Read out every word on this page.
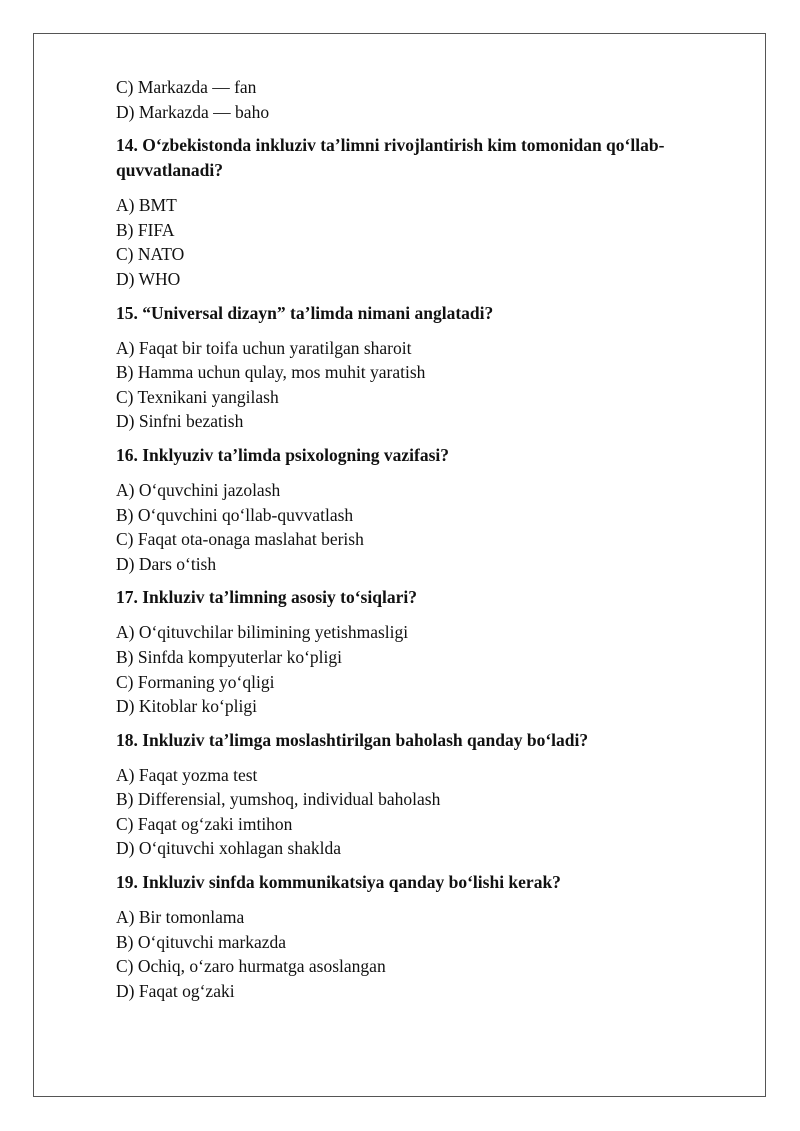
C) Markazda — fan

D) Markazda — baho

14. O‘zbekistonda inkluziv ta’limni rivojlantirish kim tomonidan qo‘llab-quvvatlanadi?

A) BMT

B) FIFA

C) NATO

D) WHO

15. “Universal dizayn” ta’limda nimani anglatadi?

A) Faqat bir toifa uchun yaratilgan sharoit

B) Hamma uchun qulay, mos muhit yaratish

C) Texnikani yangilash

D) Sinfni bezatish

16. Inklyuziv ta’limda psixologning vazifasi?

A) O‘quvchini jazolash

B) O‘quvchini qo‘llab-quvvatlash

C) Faqat ota-onaga maslahat berish

D) Dars o‘tish

17. Inkluziv ta’limning asosiy to‘siqlari?

A) O‘qituvchilar bilimining yetishmasligi

B) Sinfda kompyuterlar ko‘pligi

C) Formaning yo‘qligi

D) Kitoblar ko‘pligi

18. Inkluziv ta’limga moslashtirilgan baholash qanday bo‘ladi?

A) Faqat yozma test

B) Differensial, yumshoq, individual baholash

C) Faqat og‘zaki imtihon

D) O‘qituvchi xohlagan shaklda

19. Inkluziv sinfda kommunikatsiya qanday bo‘lishi kerak?

A) Bir tomonlama

B) O‘qituvchi markazda

C) Ochiq, o‘zaro hurmatga asoslangan

D) Faqat og‘zaki
